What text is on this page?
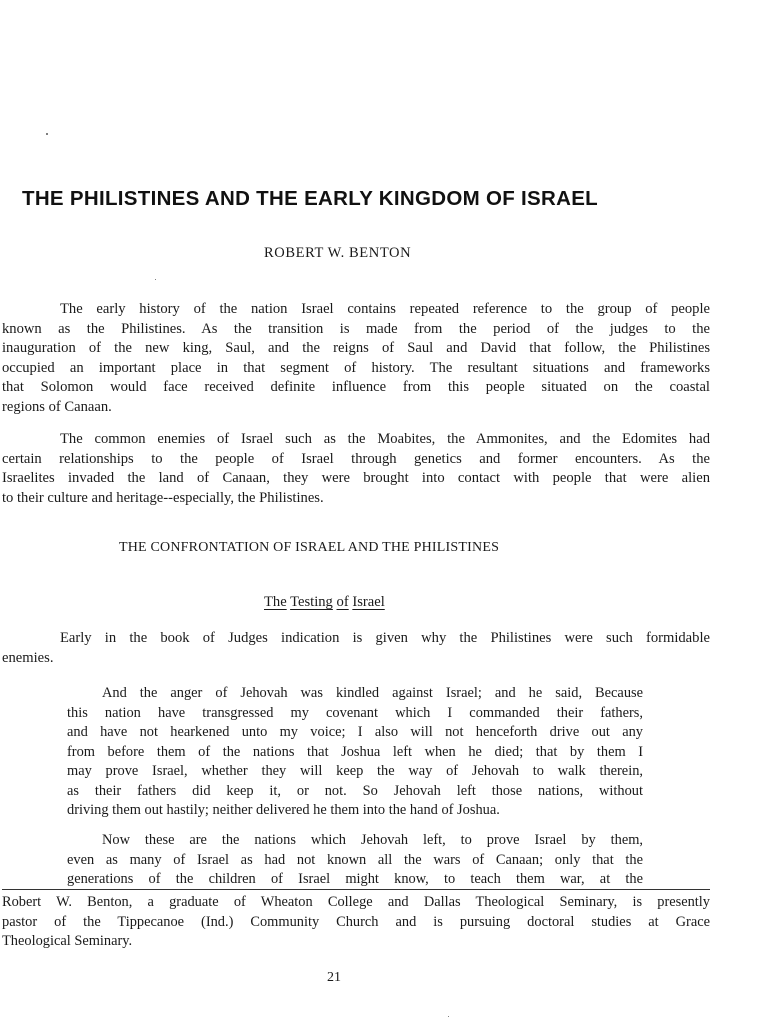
THE PHILISTINES AND THE EARLY KINGDOM OF ISRAEL
ROBERT W. BENTON
The early history of the nation Israel contains repeated reference to the group of people
known as the Philistines. As the transition is made from the period of the judges to the
inauguration of the new king, Saul, and the reigns of Saul and David that follow, the Philistines
occupied an important place in that segment of history. The resultant situations and frameworks
that Solomon would face received definite influence from this people situated on the coastal
regions of Canaan.
The common enemies of Israel such as the Moabites, the Ammonites, and the Edomites had
certain relationships to the people of Israel through genetics and former encounters. As the
Israelites invaded the land of Canaan, they were brought into contact with people that were alien
to their culture and heritage--especially, the Philistines.
THE CONFRONTATION OF ISRAEL AND THE PHILISTINES
The Testing of Israel
Early in the book of Judges indication is given why the Philistines were such formidable
enemies.
And the anger of Jehovah was kindled against Israel; and he said, Because
this nation have transgressed my covenant which I commanded their fathers,
and have not hearkened unto my voice; I also will not henceforth drive out any
from before them of the nations that Joshua left when he died; that by them I
may prove Israel, whether they will keep the way of Jehovah to walk therein,
as their fathers did keep it, or not. So Jehovah left those nations, without
driving them out hastily; neither delivered he them into the hand of Joshua.
Now these are the nations which Jehovah left, to prove Israel by them,
even as many of Israel as had not known all the wars of Canaan; only that the
generations of the children of Israel might know, to teach them war, at the
Robert W. Benton, a graduate of Wheaton College and Dallas Theological Seminary, is presently
pastor of the Tippecanoe (Ind.) Community Church and is pursuing doctoral studies at Grace
Theological Seminary.
21
